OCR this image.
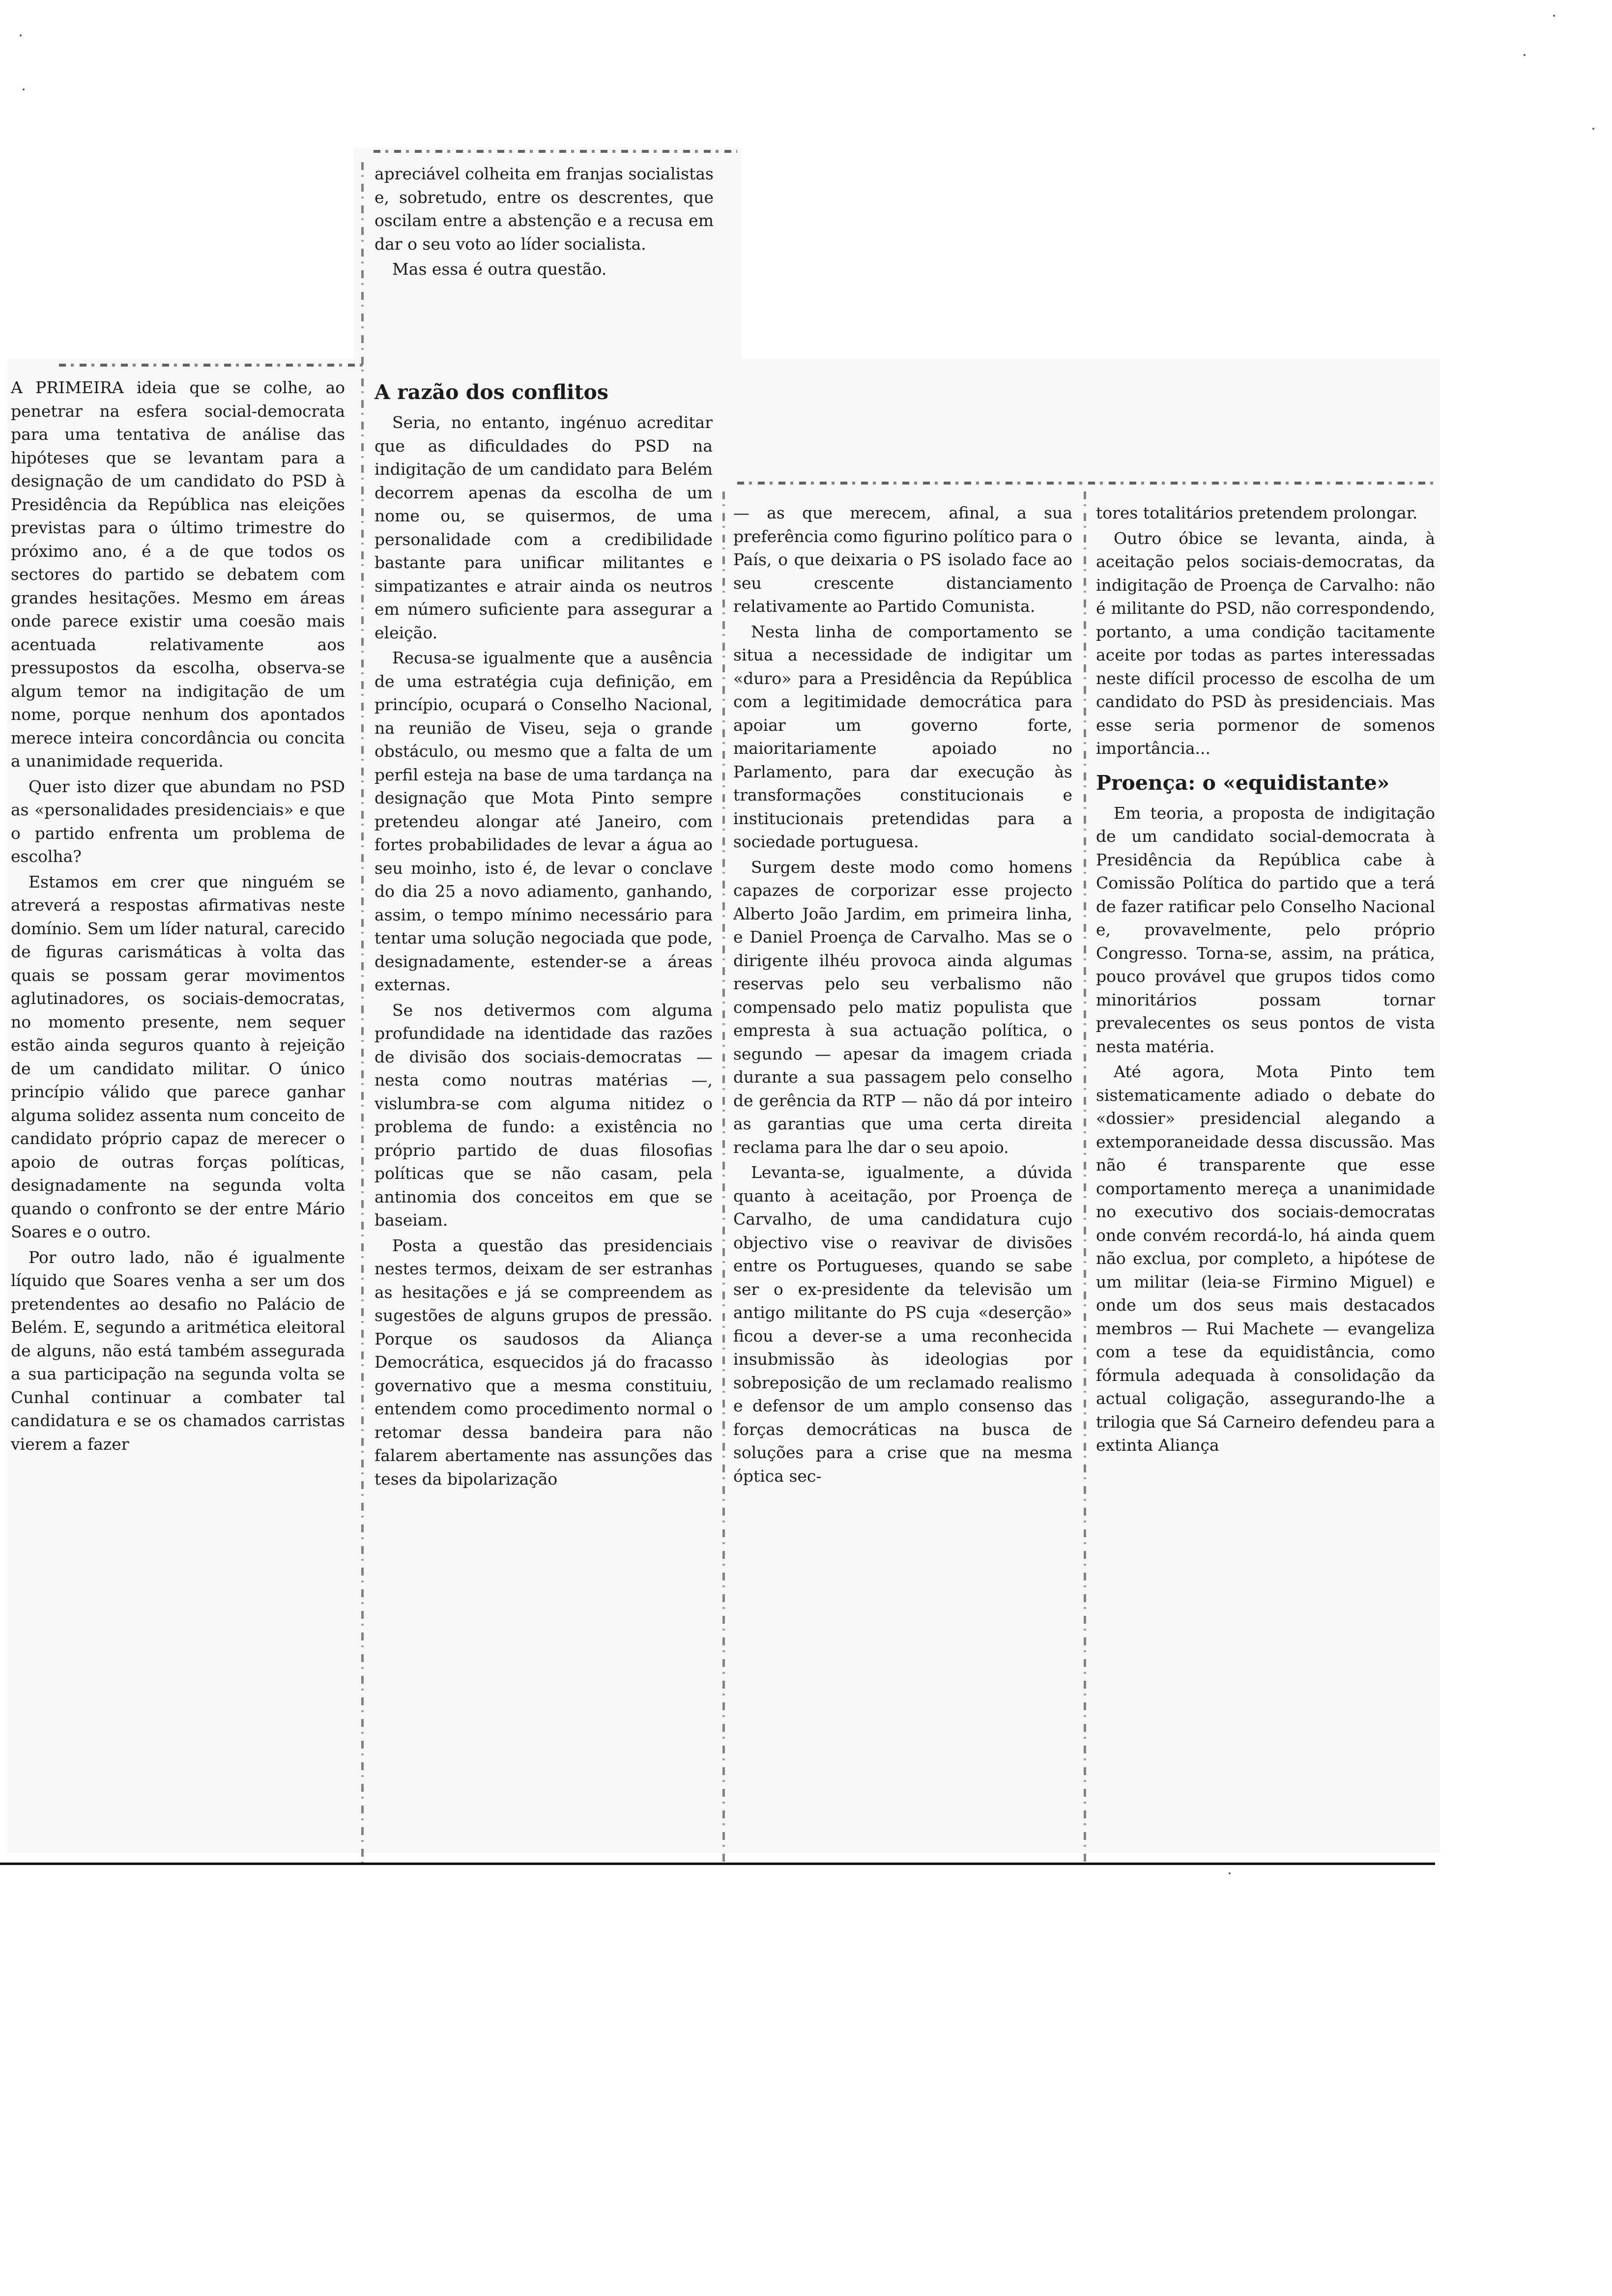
apreciável colheita em franjas socialistas e, sobretudo, entre os descrentes, que oscilam entre a abstenção e a recusa em dar o seu voto ao líder socialista.

Mas essa é outra questão.

A PRIMEIRA ideia que se colhe, ao penetrar na esfera social-democrata para uma tentativa de análise das hipóteses que se levantam para a designação de um candidato do PSD à Presidência da República nas eleições previstas para o último trimestre do próximo ano, é a de que todos os sectores do partido se debatem com grandes hesitações. Mesmo em áreas onde parece existir uma coesão mais acentuada relativamente aos pressupostos da escolha, observa-se algum temor na indigitação de um nome, porque nenhum dos apontados merece inteira concordância ou concita a unanimidade requerida.

Quer isto dizer que abundam no PSD as «personalidades presidenciais» e que o partido enfrenta um problema de escolha?

Estamos em crer que ninguém se atreverá a respostas afirmativas neste domínio. Sem um líder natural, carecido de figuras carismáticas à volta das quais se possam gerar movimentos aglutinadores, os sociais-democratas, no momento presente, nem sequer estão ainda seguros quanto à rejeição de um candidato militar. O único princípio válido que parece ganhar alguma solidez assenta num conceito de candidato próprio capaz de merecer o apoio de outras forças políticas, designadamente na segunda volta quando o confronto se der entre Mário Soares e o outro.

Por outro lado, não é igualmente líquido que Soares venha a ser um dos pretendentes ao desafio no Palácio de Belém. E, segundo a aritmética eleitoral de alguns, não está também assegurada a sua participação na segunda volta se Cunhal continuar a combater tal candidatura e se os chamados carristas vierem a fazer

A razão dos conflitos

Seria, no entanto, ingénuo acreditar que as dificuldades do PSD na indigitação de um candidato para Belém decorrem apenas da escolha de um nome ou, se quisermos, de uma personalidade com a credibilidade bastante para unificar militantes e simpatizantes e atrair ainda os neutros em número suficiente para assegurar a eleição.

Recusa-se igualmente que a ausência de uma estratégia cuja definição, em princípio, ocupará o Conselho Nacional, na reunião de Viseu, seja o grande obstáculo, ou mesmo que a falta de um perfil esteja na base de uma tardança na designação que Mota Pinto sempre pretendeu alongar até Janeiro, com fortes probabilidades de levar a água ao seu moinho, isto é, de levar o conclave do dia 25 a novo adiamento, ganhando, assim, o tempo mínimo necessário para tentar uma solução negociada que pode, designadamente, estender-se a áreas externas.

Se nos detivermos com alguma profundidade na identidade das razões de divisão dos sociais-democratas — nesta como noutras matérias —, vislumbra-se com alguma nitidez o problema de fundo: a existência no próprio partido de duas filosofias políticas que se não casam, pela antinomia dos conceitos em que se baseiam.

Posta a questão das presidenciais nestes termos, deixam de ser estranhas as hesitações e já se compreendem as sugestões de alguns grupos de pressão. Porque os saudosos da Aliança Democrática, esquecidos já do fracasso governativo que a mesma constituiu, entendem como procedimento normal o retomar dessa bandeira para não falarem abertamente nas assunções das teses da bipolarização

— as que merecem, afinal, a sua preferência como figurino político para o País, o que deixaria o PS isolado face ao seu crescente distanciamento relativamente ao Partido Comunista.

Nesta linha de comportamento se situa a necessidade de indigitar um «duro» para a Presidência da República com a legitimidade democrática para apoiar um governo forte, maioritariamente apoiado no Parlamento, para dar execução às transformações constitucionais e institucionais pretendidas para a sociedade portuguesa.

Surgem deste modo como homens capazes de corporizar esse projecto Alberto João Jardim, em primeira linha, e Daniel Proença de Carvalho. Mas se o dirigente ilhéu provoca ainda algumas reservas pelo seu verbalismo não compensado pelo matiz populista que empresta à sua actuação política, o segundo — apesar da imagem criada durante a sua passagem pelo conselho de gerência da RTP — não dá por inteiro as garantias que uma certa direita reclama para lhe dar o seu apoio.

Levanta-se, igualmente, a dúvida quanto à aceitação, por Proença de Carvalho, de uma candidatura cujo objectivo vise o reavivar de divisões entre os Portugueses, quando se sabe ser o ex-presidente da televisão um antigo militante do PS cuja «deserção» ficou a dever-se a uma reconhecida insubmissão às ideologias por sobreposição de um reclamado realismo e defensor de um amplo consenso das forças democráticas na busca de soluções para a crise que na mesma óptica sec-

tores totalitários pretendem prolongar.

Outro óbice se levanta, ainda, à aceitação pelos sociais-democratas, da indigitação de Proença de Carvalho: não é militante do PSD, não correspondendo, portanto, a uma condição tacitamente aceite por todas as partes interessadas neste difícil processo de escolha de um candidato do PSD às presidenciais. Mas esse seria pormenor de somenos importância...

Proença: o «equidistante»

Em teoria, a proposta de indigitação de um candidato social-democrata à Presidência da República cabe à Comissão Política do partido que a terá de fazer ratificar pelo Conselho Nacional e, provavelmente, pelo próprio Congresso. Torna-se, assim, na prática, pouco provável que grupos tidos como minoritários possam tornar prevalecentes os seus pontos de vista nesta matéria.

Até agora, Mota Pinto tem sistematicamente adiado o debate do «dossier» presidencial alegando a extemporaneidade dessa discussão. Mas não é transparente que esse comportamento mereça a unanimidade no executivo dos sociais-democratas onde convém recordá-lo, há ainda quem não exclua, por completo, a hipótese de um militar (leia-se Firmino Miguel) e onde um dos seus mais destacados membros — Rui Machete — evangeliza com a tese da equidistância, como fórmula adequada à consolidação da actual coligação, assegurando-lhe a trilogia que Sá Carneiro defendeu para a extinta Aliança
